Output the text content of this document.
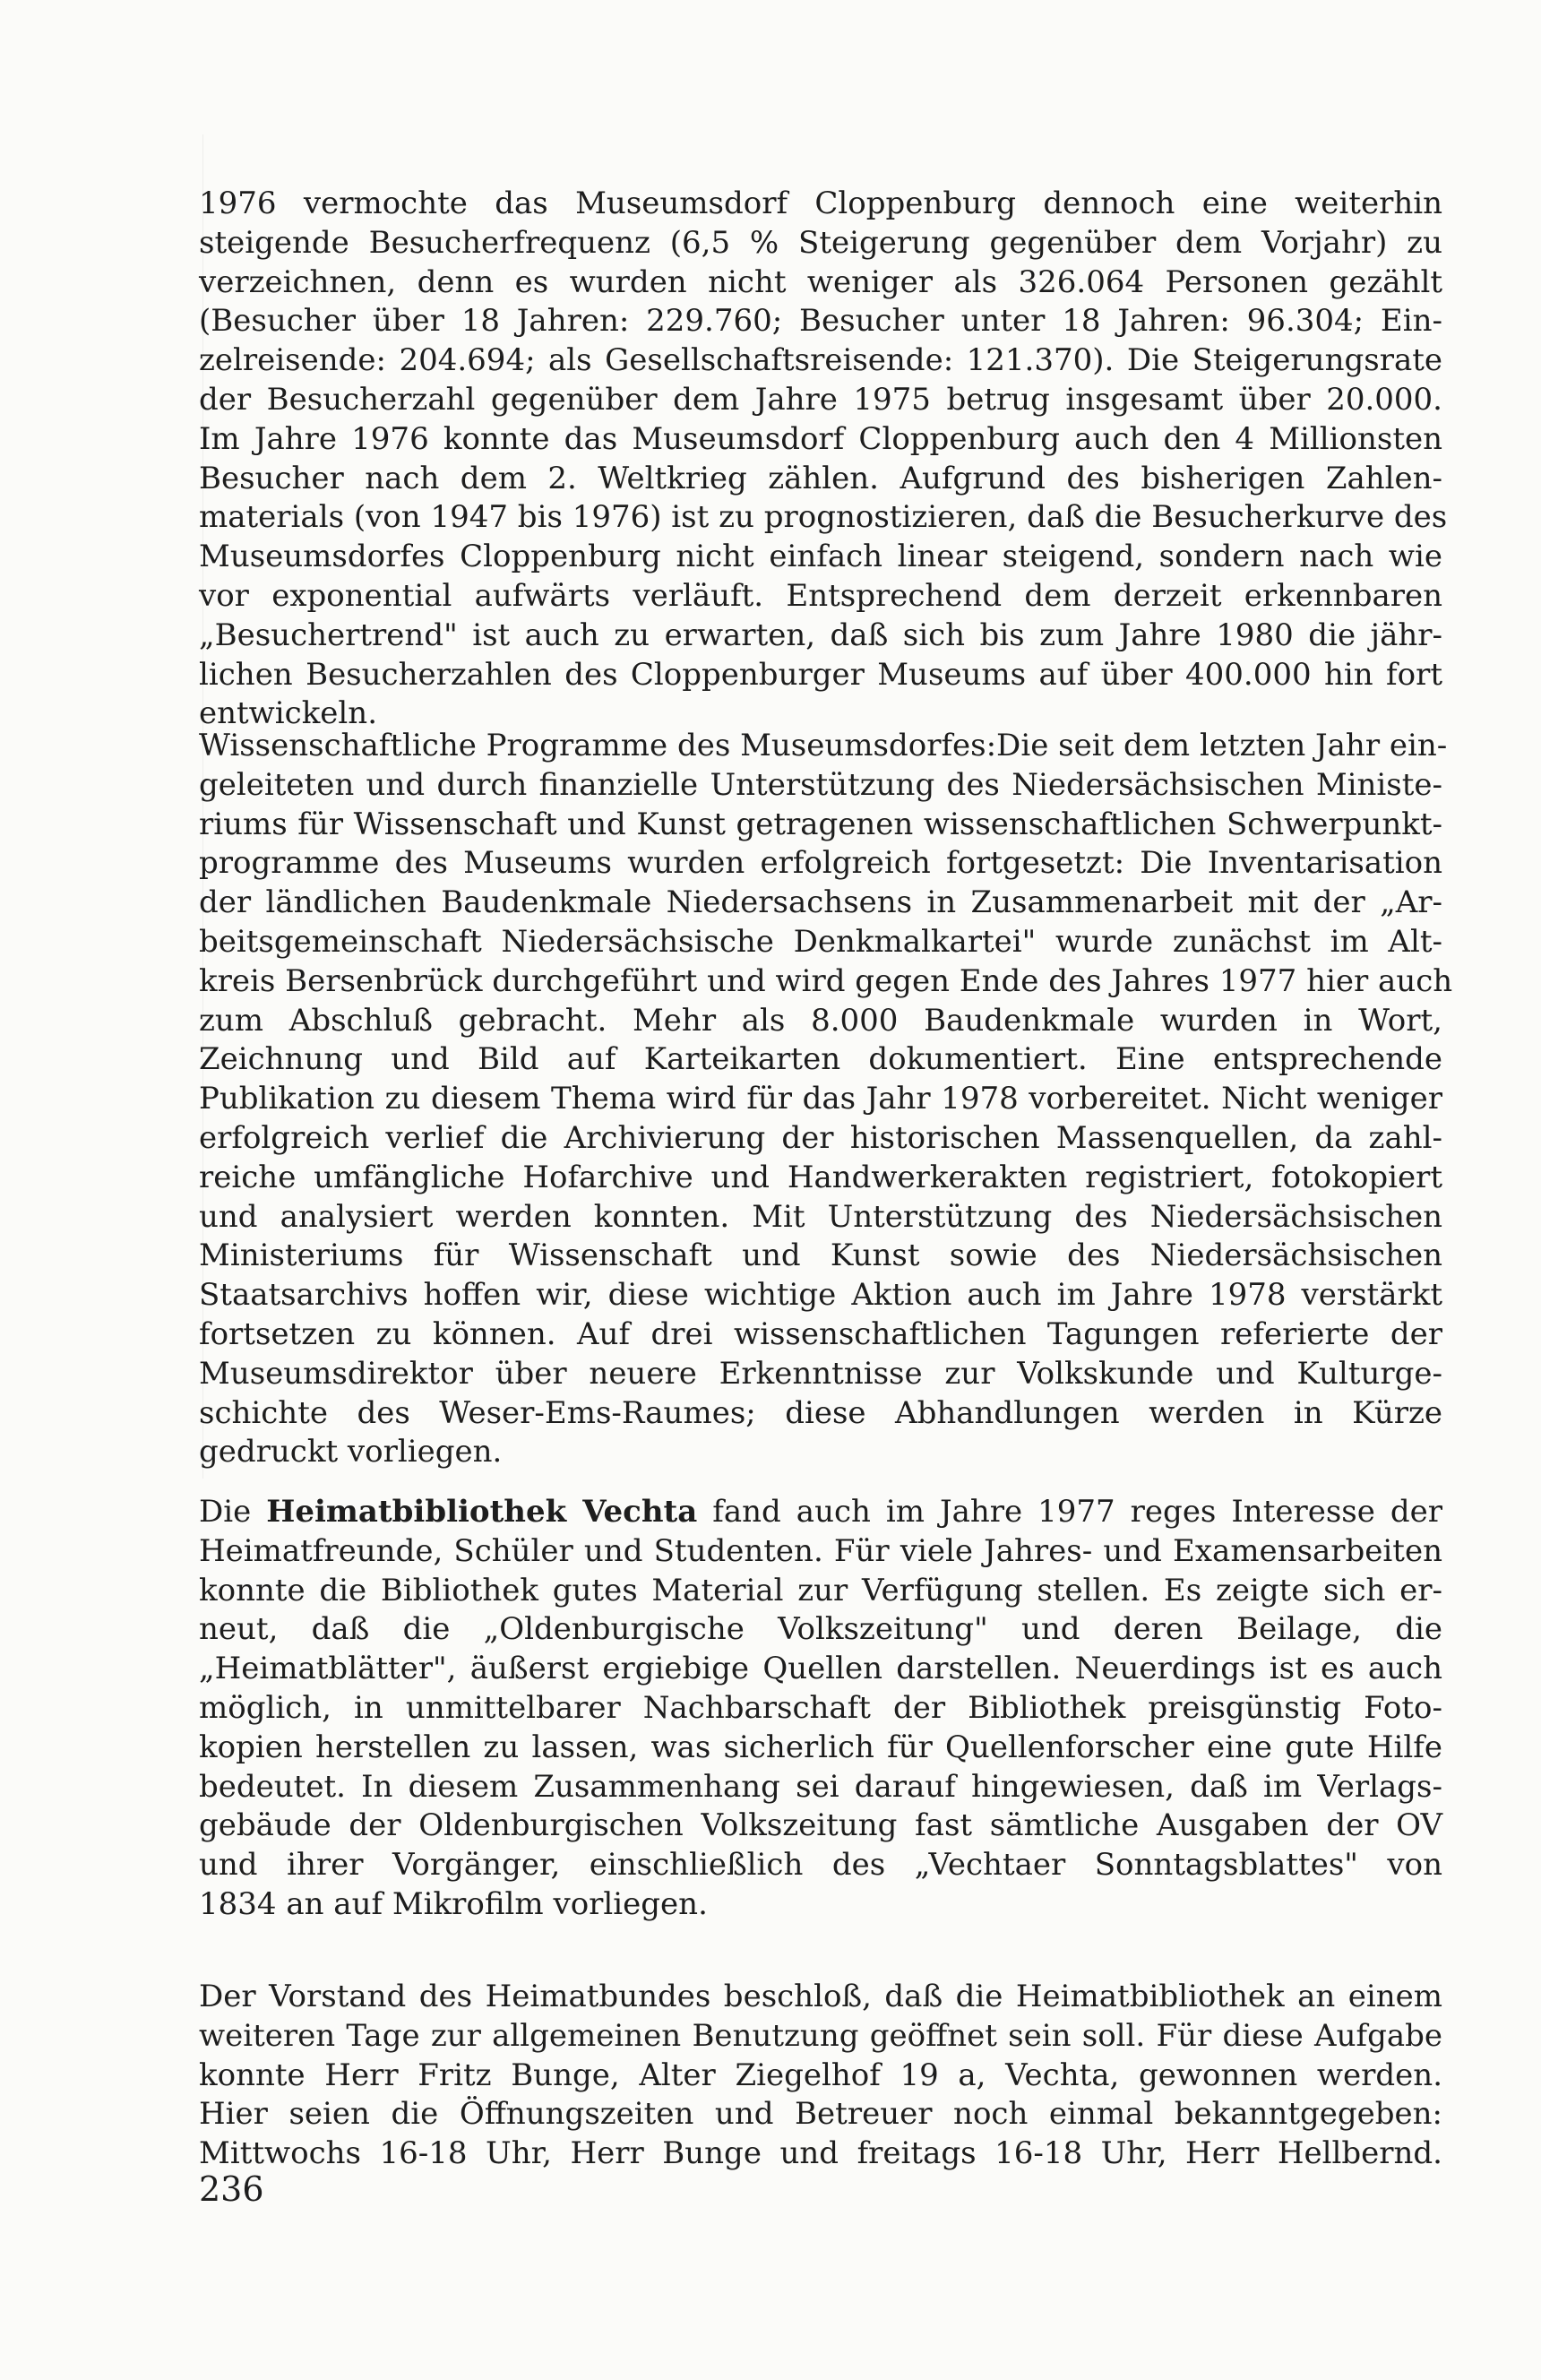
1976 vermochte das Museumsdorf Cloppenburg dennoch eine weiterhin
steigende Besucherfrequenz (6,5 % Steigerung gegenüber dem Vorjahr) zu
verzeichnen, denn es wurden nicht weniger als 326.064 Personen gezählt
(Besucher über 18 Jahren: 229.760; Besucher unter 18 Jahren: 96.304; Ein-
zelreisende: 204.694; als Gesellschaftsreisende: 121.370). Die Steigerungsrate
der Besucherzahl gegenüber dem Jahre 1975 betrug insgesamt über 20.000.
Im Jahre 1976 konnte das Museumsdorf Cloppenburg auch den 4 Millionsten
Besucher nach dem 2. Weltkrieg zählen. Aufgrund des bisherigen Zahlen-
materials (von 1947 bis 1976) ist zu prognostizieren, daß die Besucherkurve des
Museumsdorfes Cloppenburg nicht einfach linear steigend, sondern nach wie
vor exponential aufwärts verläuft. Entsprechend dem derzeit erkennbaren
„Besuchertrend" ist auch zu erwarten, daß sich bis zum Jahre 1980 die jähr-
lichen Besucherzahlen des Cloppenburger Museums auf über 400.000 hin fort
entwickeln.
Wissenschaftliche Programme des Museumsdorfes:Die seit dem letzten Jahr ein-
geleiteten und durch finanzielle Unterstützung des Niedersächsischen Ministe-
riums für Wissenschaft und Kunst getragenen wissenschaftlichen Schwerpunkt-
programme des Museums wurden erfolgreich fortgesetzt: Die Inventarisation
der ländlichen Baudenkmale Niedersachsens in Zusammenarbeit mit der „Ar-
beitsgemeinschaft Niedersächsische Denkmalkartei" wurde zunächst im Alt-
kreis Bersenbrück durchgeführt und wird gegen Ende des Jahres 1977 hier auch
zum Abschluß gebracht. Mehr als 8.000 Baudenkmale wurden in Wort,
Zeichnung und Bild auf Karteikarten dokumentiert. Eine entsprechende
Publikation zu diesem Thema wird für das Jahr 1978 vorbereitet. Nicht weniger
erfolgreich verlief die Archivierung der historischen Massenquellen, da zahl-
reiche umfängliche Hofarchive und Handwerkerakten registriert, fotokopiert
und analysiert werden konnten. Mit Unterstützung des Niedersächsischen
Ministeriums für Wissenschaft und Kunst sowie des Niedersächsischen
Staatsarchivs hoffen wir, diese wichtige Aktion auch im Jahre 1978 verstärkt
fortsetzen zu können. Auf drei wissenschaftlichen Tagungen referierte der
Museumsdirektor über neuere Erkenntnisse zur Volkskunde und Kulturge-
schichte des Weser-Ems-Raumes; diese Abhandlungen werden in Kürze
gedruckt vorliegen.
Die Heimatbibliothek Vechta fand auch im Jahre 1977 reges Interesse der
Heimatfreunde, Schüler und Studenten. Für viele Jahres- und Examensarbeiten
konnte die Bibliothek gutes Material zur Verfügung stellen. Es zeigte sich er-
neut, daß die „Oldenburgische Volkszeitung" und deren Beilage, die
„Heimatblätter", äußerst ergiebige Quellen darstellen. Neuerdings ist es auch
möglich, in unmittelbarer Nachbarschaft der Bibliothek preisgünstig Foto-
kopien herstellen zu lassen, was sicherlich für Quellenforscher eine gute Hilfe
bedeutet. In diesem Zusammenhang sei darauf hingewiesen, daß im Verlags-
gebäude der Oldenburgischen Volkszeitung fast sämtliche Ausgaben der OV
und ihrer Vorgänger, einschließlich des „Vechtaer Sonntagsblattes" von
1834 an auf Mikrofilm vorliegen.
Der Vorstand des Heimatbundes beschloß, daß die Heimatbibliothek an einem
weiteren Tage zur allgemeinen Benutzung geöffnet sein soll. Für diese Aufgabe
konnte Herr Fritz Bunge, Alter Ziegelhof 19 a, Vechta, gewonnen werden.
Hier seien die Öffnungszeiten und Betreuer noch einmal bekanntgegeben:
Mittwochs 16-18 Uhr, Herr Bunge und freitags 16-18 Uhr, Herr Hellbernd.
236
